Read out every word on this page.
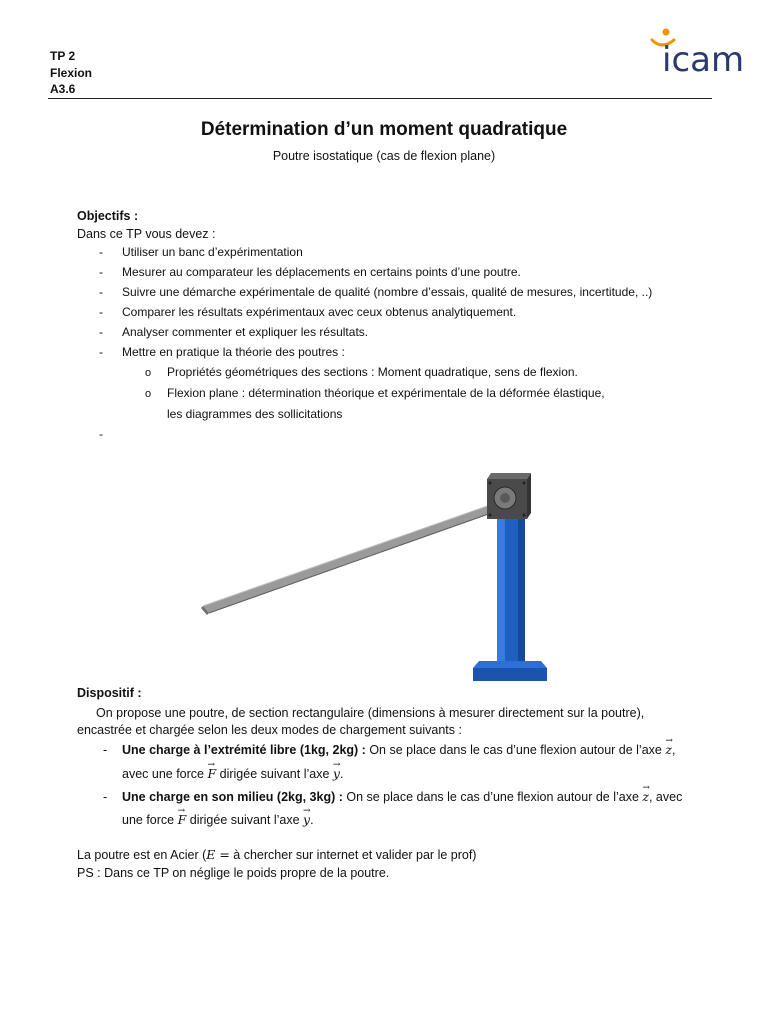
TP 2
Flexion
A3.6
icam
Détermination d’un moment quadratique
Poutre isostatique (cas de flexion plane)
Objectifs :
Dans ce TP vous devez :
- Utiliser un banc d’expérimentation
- Mesurer au comparateur les déplacements en certains points d’une poutre.
- Suivre une démarche expérimentale de qualité (nombre d’essais, qualité de mesures, incertitude, ..)
- Comparer les résultats expérimentaux avec ceux obtenus analytiquement.
- Analyser commenter et expliquer les résultats.
- Mettre en pratique la théorie des poutres :
o Propriétés géométriques des sections : Moment quadratique, sens de flexion.
o Flexion plane : détermination théorique et expérimentale de la déformée élastique,
les diagrammes des sollicitations
-
Dispositif :
On propose une poutre, de section rectangulaire (dimensions à mesurer directement sur la poutre),
encastrée et chargée selon les deux modes de chargement suivants :
- Une charge à l’extrémité libre (1kg, 2kg) : On se place dans le cas d’une flexion autour de l’axe → z,
avec une force → F dirigée suivant l’axe → y.
- Une charge en son milieu (2kg, 3kg) : On se place dans le cas d’une flexion autour de l’axe → z, avec
une force → F dirigée suivant l’axe → y.
La poutre est en Acier (E = à chercher sur internet et valider par le prof)
PS : Dans ce TP on néglige le poids propre de la poutre.
